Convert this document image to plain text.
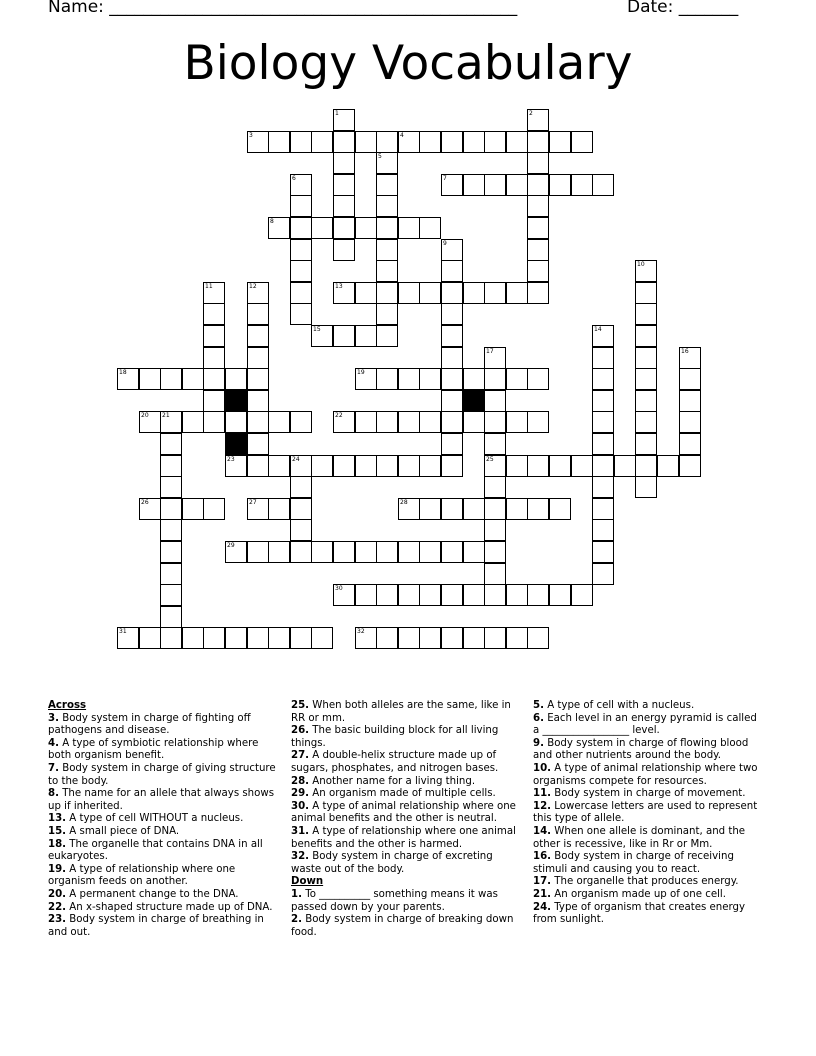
Name: ________________________________________________	Date: _______
Biology Vocabulary
3	4
7
8
13
15
18	19
20 21	22
23	24	25
26	27	28
29
30
31	32
1	2
5
6
9
10
11	12
14
16
17

Across

3. Body system in charge of fighting off pathogens and disease.

4. A type of symbiotic relationship where both organism benefit.

7. Body system in charge of giving structure to the body.

8. The name for an allele that always shows up if inherited.

13. A type of cell WITHOUT a nucleus.

15. A small piece of DNA.

18. The organelle that contains DNA in all eukaryotes.

19. A type of relationship where one organism feeds on another.

20. A permanent change to the DNA.

22. An x-shaped structure made up of DNA.

23. Body system in charge of breathing in and out.

25. When both alleles are the same, like in RR or mm.

26. The basic building block for all living things.

27. A double-helix structure made up of sugars, phosphates, and nitrogen bases.

28. Another name for a living thing.

29. An organism made of multiple cells.

30. A type of animal relationship where one animal benefits and the other is neutral.

31. A type of relationship where one animal benefits and the other is harmed.

32. Body system in charge of excreting waste out of the body.

Down

1. To __________ something means it was passed down by your parents.

2. Body system in charge of breaking down food.

5. A type of cell with a nucleus.

6. Each level in an energy pyramid is called a _________________ level.

9. Body system in charge of flowing blood and other nutrients around the body.

10. A type of animal relationship where two organisms compete for resources.

11. Body system in charge of movement.

12. Lowercase letters are used to represent this type of allele.

14. When one allele is dominant, and the other is recessive, like in Rr or Mm.

16. Body system in charge of receiving stimuli and causing you to react.

17. The organelle that produces energy.

21. An organism made up of one cell.

24. Type of organism that creates energy from sunlight.
